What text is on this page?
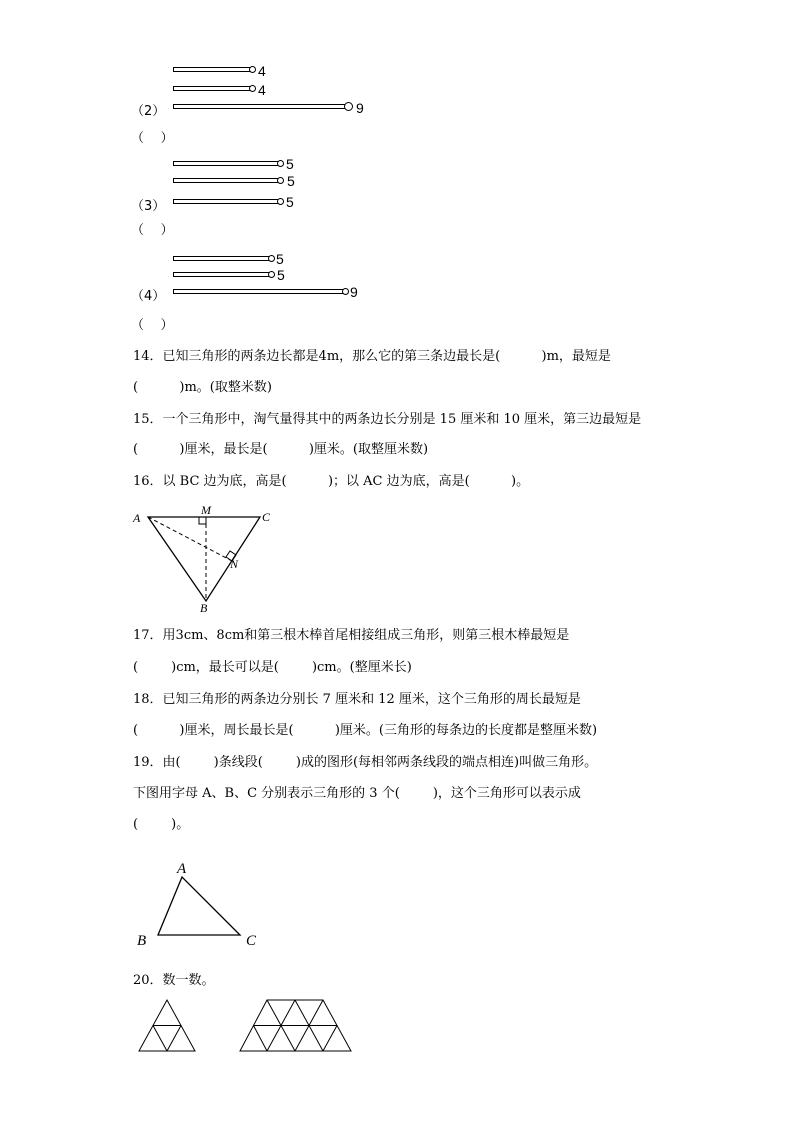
4
4
9
（2）
（    ）
5
5
5
（3）
（    ）
5
5
9
（4）
（    ）
14．已知三角形的两条边长都是4m，那么它的第三条边最长是(          )m，最短是
(          )m。(取整米数)
15．一个三角形中，淘气量得其中的两条边长分别是 15 厘米和 10 厘米，第三边最短是
(          )厘米，最长是(          )厘米。(取整厘米数)
16．以 BC 边为底，高是(          )；以 AC 边为底，高是(          )。
A
M	C
N
B
17．用3cm、8cm和第三根木棒首尾相接组成三角形，则第三根木棒最短是
(        )cm，最长可以是(        )cm。(整厘米长)
18．已知三角形的两条边分别长 7 厘米和 12 厘米，这个三角形的周长最短是
(          )厘米，周长最长是(          )厘米。(三角形的每条边的长度都是整厘米数)
19．由(        )条线段(        )成的图形(每相邻两条线段的端点相连)叫做三角形。
下图用字母 A、B、C 分别表示三角形的 3 个(        )，这个三角形可以表示成
(        )。
A
B	C
20．数一数。
